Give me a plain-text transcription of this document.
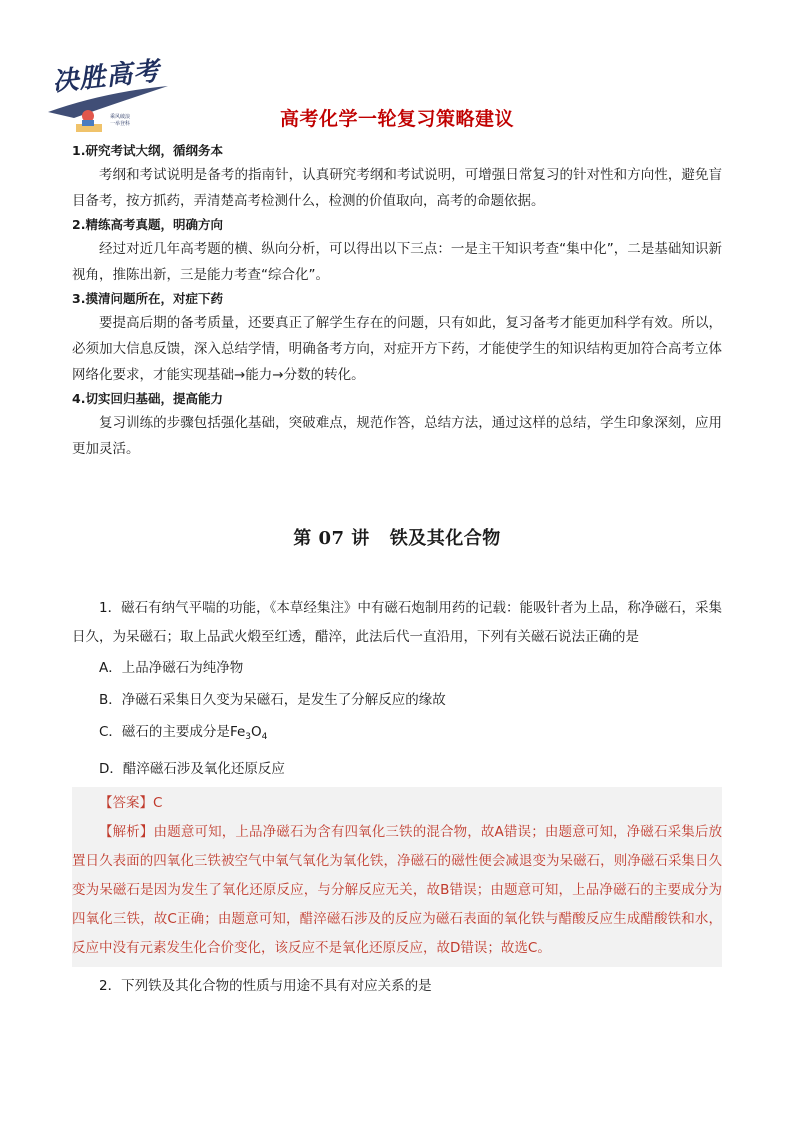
决胜高考
乘风破浪
一举登科	高考化学一轮复习策略建议

1.研究考试大纲，循纲务本

考纲和考试说明是备考的指南针，认真研究考纲和考试说明，可增强日常复习的针对性和方向性，避免盲目备考，按方抓药，弄清楚高考检测什么，检测的价值取向，高考的命题依据。

2.精练高考真题，明确方向

经过对近几年高考题的横、纵向分析，可以得出以下三点：一是主干知识考查“集中化”，二是基础知识新视角，推陈出新，三是能力考查“综合化”。

3.摸清问题所在，对症下药

要提高后期的备考质量，还要真正了解学生存在的问题，只有如此，复习备考才能更加科学有效。所以，必须加大信息反馈，深入总结学情，明确备考方向，对症开方下药，才能使学生的知识结构更加符合高考立体网络化要求，才能实现基础→能力→分数的转化。

4.切实回归基础，提高能力

复习训练的步骤包括强化基础，突破难点，规范作答，总结方法，通过这样的总结，学生印象深刻，应用更加灵活。

第 07 讲 铁及其化合物

1．磁石有纳气平喘的功能，《本草经集注》中有磁石炮制用药的记载：能吸针者为上品，称净磁石，采集日久，为呆磁石；取上品武火煅至红透，醋淬，此法后代一直沿用，下列有关磁石说法正确的是

A．上品净磁石为纯净物

B．净磁石采集日久变为呆磁石，是发生了分解反应的缘故

C．磁石的主要成分是$Fe_3O_4$

D．醋淬磁石涉及氧化还原反应

【答案】C

【解析】由题意可知，上品净磁石为含有四氧化三铁的混合物，故A错误；由题意可知，净磁石采集后放置日久表面的四氧化三铁被空气中氧气氧化为氧化铁，净磁石的磁性便会减退变为呆磁石，则净磁石采集日久变为呆磁石是因为发生了氧化还原反应，与分解反应无关，故B错误；由题意可知，上品净磁石的主要成分为四氧化三铁，故C正确；由题意可知，醋淬磁石涉及的反应为磁石表面的氧化铁与醋酸反应生成醋酸铁和水，反应中没有元素发生化合价变化，该反应不是氧化还原反应，故D错误；故选C。

2．下列铁及其化合物的性质与用途不具有对应关系的是
